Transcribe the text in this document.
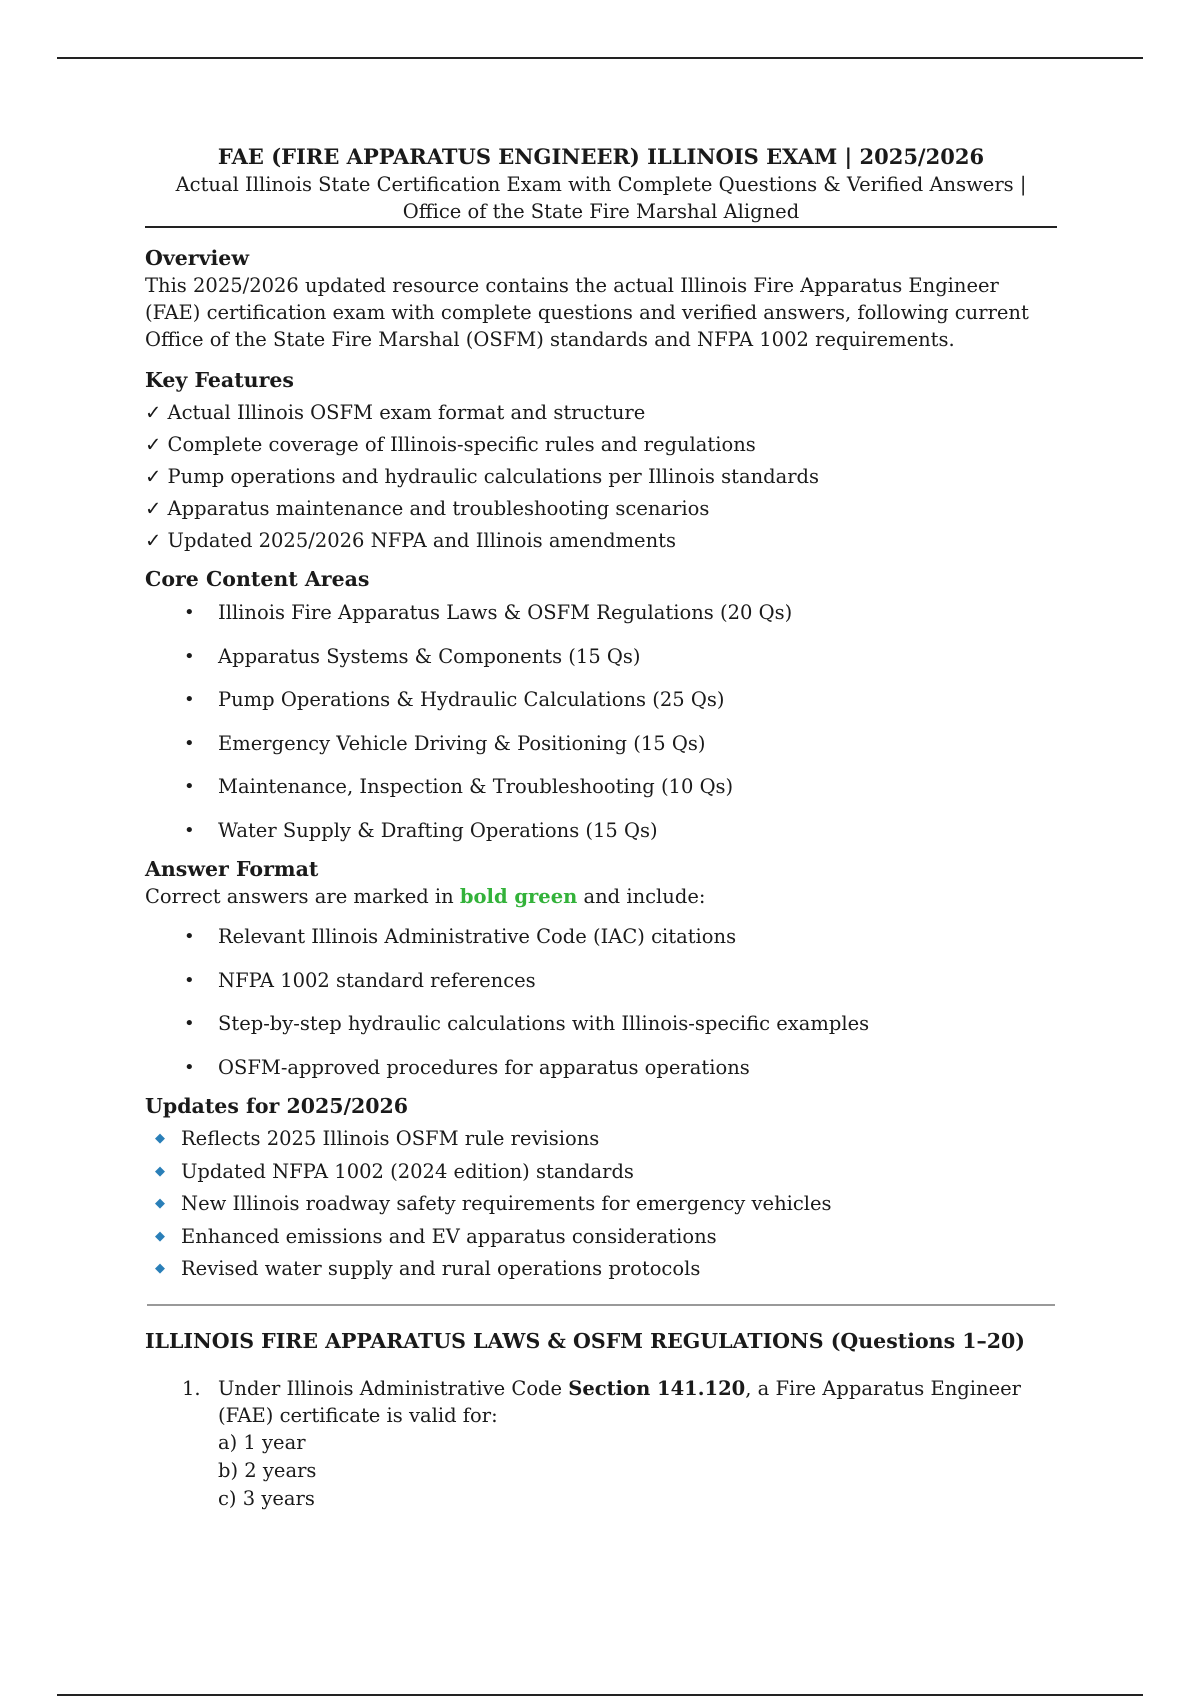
FAE (FIRE APPARATUS ENGINEER) ILLINOIS EXAM | 2025/2026
Actual Illinois State Certification Exam with Complete Questions & Verified Answers | Office of the State Fire Marshal Aligned
Overview

This 2025/2026 updated resource contains the actual Illinois Fire Apparatus Engineer (FAE) certification exam with complete questions and verified answers, following current Office of the State Fire Marshal (OSFM) standards and NFPA 1002 requirements.

Key Features
✓ Actual Illinois OSFM exam format and structure
✓ Complete coverage of Illinois-specific rules and regulations
✓ Pump operations and hydraulic calculations per Illinois standards
✓ Apparatus maintenance and troubleshooting scenarios
✓ Updated 2025/2026 NFPA and Illinois amendments
Core Content Areas
• Illinois Fire Apparatus Laws & OSFM Regulations (20 Qs)
• Apparatus Systems & Components (15 Qs)
• Pump Operations & Hydraulic Calculations (25 Qs)
• Emergency Vehicle Driving & Positioning (15 Qs)
• Maintenance, Inspection & Troubleshooting (10 Qs)
• Water Supply & Drafting Operations (15 Qs)
Answer Format

Correct answers are marked in bold green and include:

• Relevant Illinois Administrative Code (IAC) citations
• NFPA 1002 standard references
• Step-by-step hydraulic calculations with Illinois-specific examples
• OSFM-approved procedures for apparatus operations
Updates for 2025/2026
◆ Reflects 2025 Illinois OSFM rule revisions
◆ Updated NFPA 1002 (2024 edition) standards
◆ New Illinois roadway safety requirements for emergency vehicles
◆ Enhanced emissions and EV apparatus considerations
◆ Revised water supply and rural operations protocols
ILLINOIS FIRE APPARATUS LAWS & OSFM REGULATIONS (Questions 1–20)
1. Under Illinois Administrative Code Section 141.120, a Fire Apparatus Engineer (FAE) certificate is valid for:
a) 1 year
b) 2 years
c) 3 years
